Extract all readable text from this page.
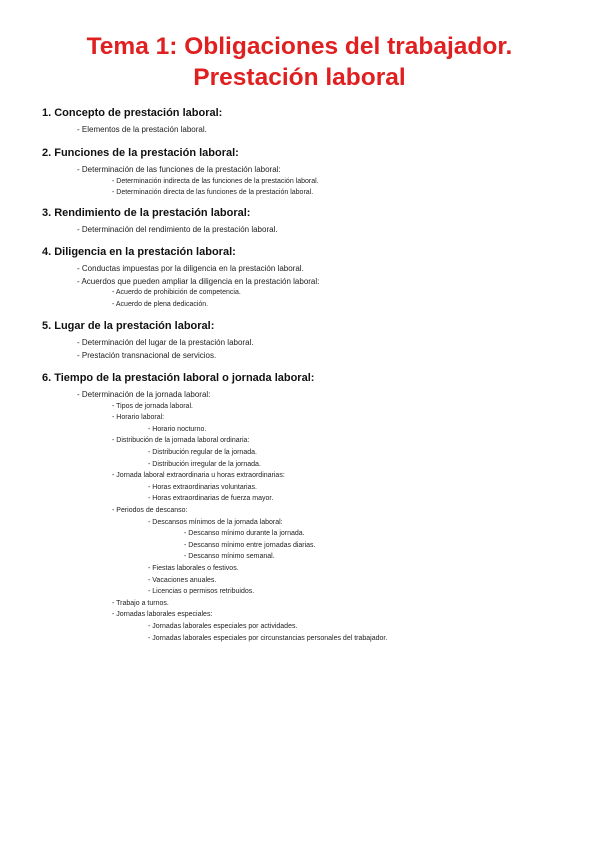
Tema 1: Obligaciones del trabajador.
Prestación laboral
1. Concepto de prestación laboral:
- Elementos de la prestación laboral.
2. Funciones de la prestación laboral:
- Determinación de las funciones de la prestación laboral:
- Determinación indirecta de las funciones de la prestación laboral.
- Determinación directa de las funciones de la prestación laboral.
3. Rendimiento de la prestación laboral:
- Determinación del rendimiento de la prestación laboral.
4. Diligencia en la prestación laboral:
- Conductas impuestas por la diligencia en la prestación laboral.
- Acuerdos que pueden ampliar la diligencia en la prestación laboral:
- Acuerdo de prohibición de competencia.
- Acuerdo de plena dedicación.
5. Lugar de la prestación laboral:
- Determinación del lugar de la prestación laboral.
- Prestación transnacional de servicios.
6. Tiempo de la prestación laboral o jornada laboral:
- Determinación de la jornada laboral:
- Tipos de jornada laboral.
- Horario laboral:
- Horario nocturno.
- Distribución de la jornada laboral ordinaria:
- Distribución regular de la jornada.
- Distribución irregular de la jornada.
- Jornada laboral extraordinaria u horas extraordinarias:
- Horas extraordinarias voluntarias.
- Horas extraordinarias de fuerza mayor.
- Periodos de descanso:
- Descansos mínimos de la jornada laboral:
- Descanso mínimo durante la jornada.
- Descanso mínimo entre jornadas diarias.
- Descanso mínimo semanal.
- Fiestas laborales o festivos.
- Vacaciones anuales.
- Licencias o permisos retribuidos.
- Trabajo a turnos.
- Jornadas laborales especiales:
- Jornadas laborales especiales por actividades.
- Jornadas laborales especiales por circunstancias personales del trabajador.
